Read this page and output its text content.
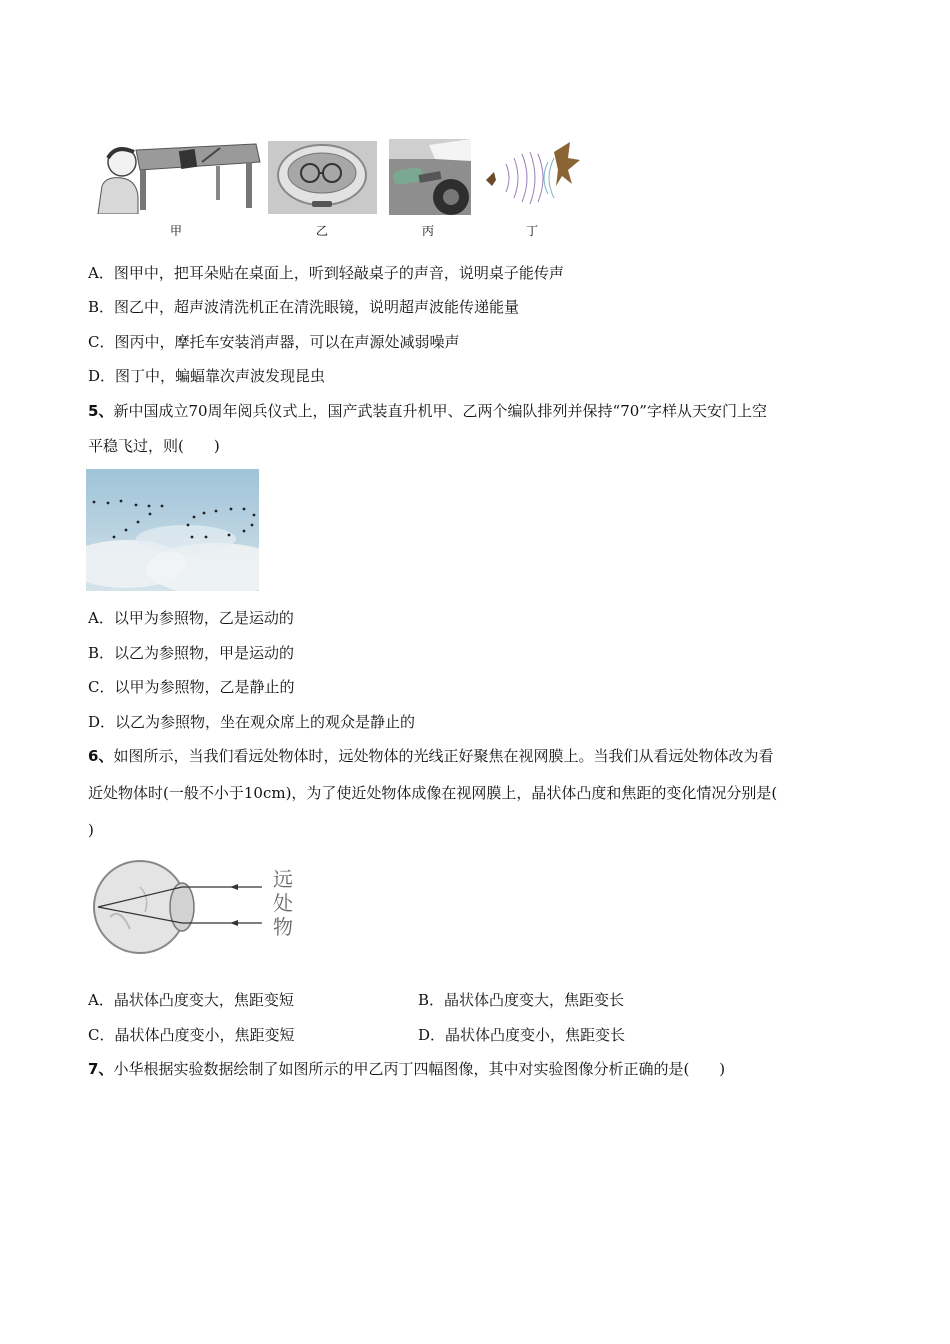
甲	乙	丙	丁
A．图甲中，把耳朵贴在桌面上，听到轻敲桌子的声音，说明桌子能传声
B．图乙中，超声波清洗机正在清洗眼镜，说明超声波能传递能量
C．图丙中，摩托车安装消声器，可以在声源处减弱噪声
D．图丁中，蝙蝠靠次声波发现昆虫
5、新中国成立70周年阅兵仪式上，国产武装直升机甲、乙两个编队排列并保持“70”字样从天安门上空
平稳飞过，则(　　)
A．以甲为参照物，乙是运动的
B．以乙为参照物，甲是运动的
C．以甲为参照物，乙是静止的
D．以乙为参照物，坐在观众席上的观众是静止的
6、如图所示，当我们看远处物体时，远处物体的光线正好聚焦在视网膜上。当我们从看远处物体改为看
近处物体时(一般不小于10cm)，为了使近处物体成像在视网膜上，晶状体凸度和焦距的变化情况分别是(
)
远
处
物
A．晶状体凸度变大，焦距变短	B．晶状体凸度变大，焦距变长
C．晶状体凸度变小，焦距变短	D．晶状体凸度变小，焦距变长
7、小华根据实验数据绘制了如图所示的甲乙丙丁四幅图像，其中对实验图像分析正确的是(　　)
